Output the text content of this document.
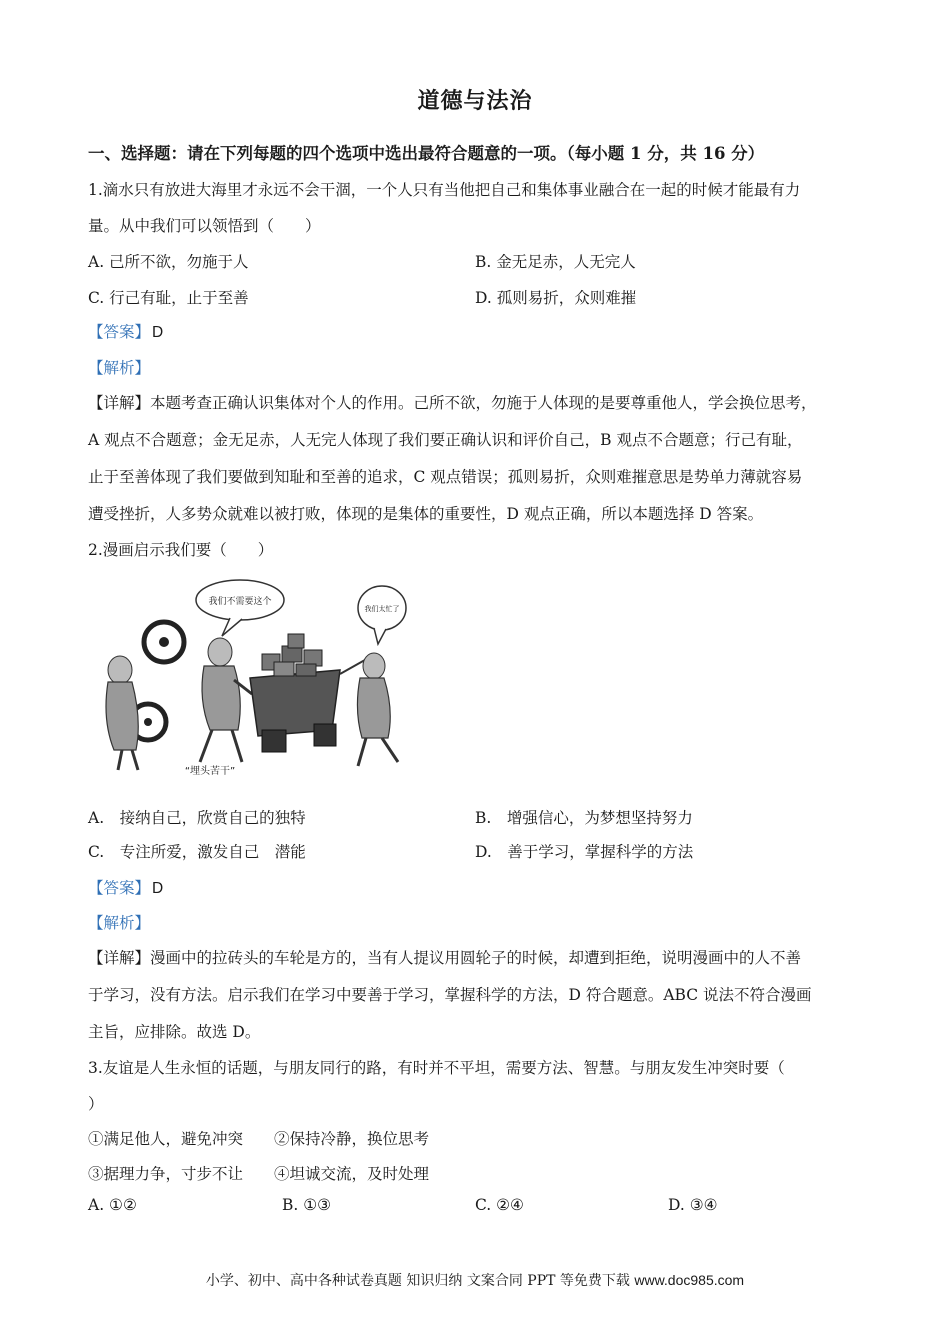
道德与法治
一、选择题：请在下列每题的四个选项中选出最符合题意的一项。（每小题 1 分，共 16 分）
1.滴水只有放进大海里才永远不会干涸，一个人只有当他把自己和集体事业融合在一起的时候才能最有力
量。从中我们可以领悟到（　　）
A. 己所不欲，勿施于人	B. 金无足赤，人无完人
C. 行己有耻，止于至善	D. 孤则易折，众则难摧
【答案】 D
【解析】
【详解】本题考查正确认识集体对个人的作用。己所不欲，勿施于人体现的是要尊重他人，学会换位思考，
A 观点不合题意；金无足赤，人无完人体现了我们要正确认识和评价自己，B 观点不合题意；行己有耻，
止于至善体现了我们要做到知耻和至善的追求，C 观点错误；孤则易折，众则难摧意思是势单力薄就容易
遭受挫折，人多势众就难以被打败，体现的是集体的重要性，D 观点正确，所以本题选择 D 答案。
2.漫画启示我们要（　　）
我们不需要这个
我们太忙了
“埋头苦干”
A.　接纳自己，欣赏自己的独特	B.　增强信心，为梦想坚持努力
C.　专注所爱，激发自己　潜能	D.　善于学习，掌握科学的方法
【答案】 D
【解析】
【详解】漫画中的拉砖头的车轮是方的，当有人提议用圆轮子的时候，却遭到拒绝，说明漫画中的人不善
于学习，没有方法。启示我们在学习中要善于学习，掌握科学的方法，D 符合题意。ABC 说法不符合漫画
主旨，应排除。故选 D。
3.友谊是人生永恒的话题，与朋友同行的路，有时并不平坦，需要方法、智慧。与朋友发生冲突时要（
）
①满足他人，避免冲突　　②保持冷静，换位思考
③据理力争，寸步不让　　④坦诚交流，及时处理
A. ①②	B. ①③	C. ②④	D. ③④
小学、初中、高中各种试卷真题 知识归纳 文案合同 PPT 等免费下载 www.doc985.com
